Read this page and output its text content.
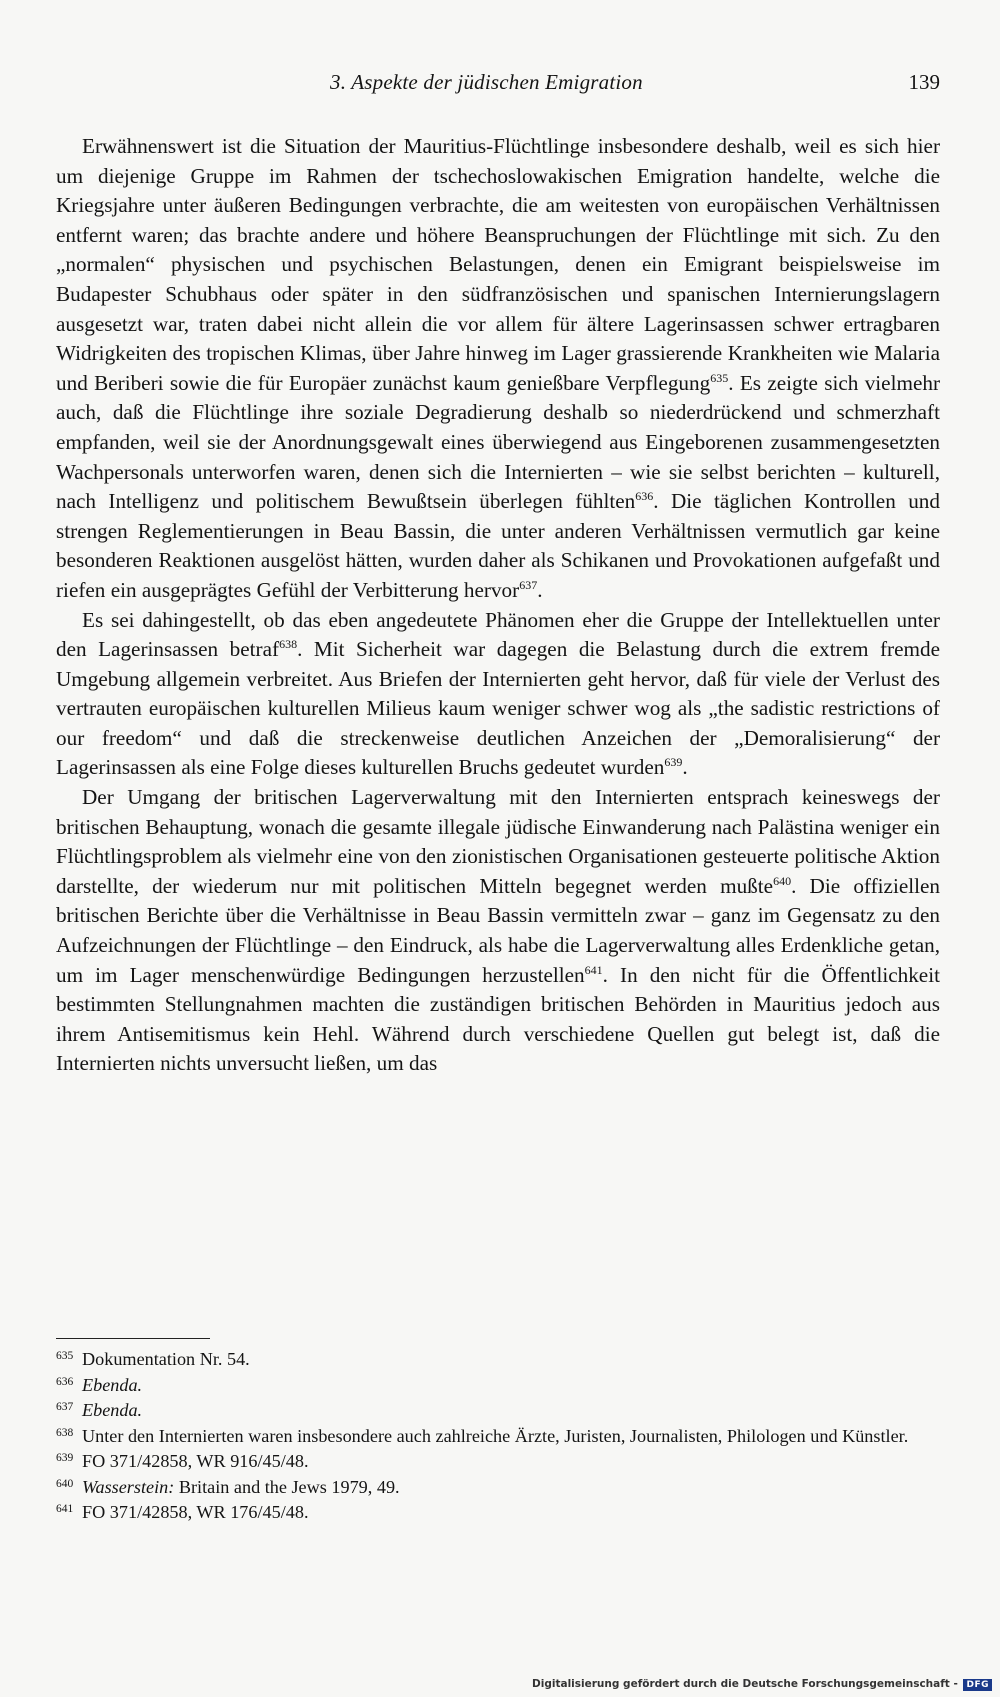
3. Aspekte der jüdischen Emigration	139

Erwähnenswert ist die Situation der Mauritius-Flüchtlinge insbesondere deshalb, weil es sich hier um diejenige Gruppe im Rahmen der tschechoslowakischen Emigration handelte, welche die Kriegsjahre unter äußeren Bedingungen verbrachte, die am weitesten von europäischen Verhältnissen entfernt waren; das brachte andere und höhere Beanspruchungen der Flüchtlinge mit sich. Zu den „normalen“ physischen und psychischen Belastungen, denen ein Emigrant beispielsweise im Budapester Schubhaus oder später in den südfranzösischen und spanischen Internierungslagern ausgesetzt war, traten dabei nicht allein die vor allem für ältere Lagerinsassen schwer ertragbaren Widrigkeiten des tropischen Klimas, über Jahre hinweg im Lager grassierende Krankheiten wie Malaria und Beriberi sowie die für Europäer zunächst kaum genießbare Verpflegung$^{635}$. Es zeigte sich vielmehr auch, daß die Flüchtlinge ihre soziale Degradierung deshalb so niederdrückend und schmerzhaft empfanden, weil sie der Anordnungsgewalt eines überwiegend aus Eingeborenen zusammengesetzten Wachpersonals unterworfen waren, denen sich die Internierten – wie sie selbst berichten – kulturell, nach Intelligenz und politischem Bewußtsein überlegen fühlten$^{636}$. Die täglichen Kontrollen und strengen Reglementierungen in Beau Bassin, die unter anderen Verhältnissen vermutlich gar keine besonderen Reaktionen ausgelöst hätten, wurden daher als Schikanen und Provokationen aufgefaßt und riefen ein ausgeprägtes Gefühl der Verbitterung hervor$^{637}$.

Es sei dahingestellt, ob das eben angedeutete Phänomen eher die Gruppe der Intellektuellen unter den Lagerinsassen betraf$^{638}$. Mit Sicherheit war dagegen die Belastung durch die extrem fremde Umgebung allgemein verbreitet. Aus Briefen der Internierten geht hervor, daß für viele der Verlust des vertrauten europäischen kulturellen Milieus kaum weniger schwer wog als „the sadistic restrictions of our freedom“ und daß die streckenweise deutlichen Anzeichen der „Demoralisierung“ der Lagerinsassen als eine Folge dieses kulturellen Bruchs gedeutet wurden$^{639}$.

Der Umgang der britischen Lagerverwaltung mit den Internierten entsprach keineswegs der britischen Behauptung, wonach die gesamte illegale jüdische Einwanderung nach Palästina weniger ein Flüchtlingsproblem als vielmehr eine von den zionistischen Organisationen gesteuerte politische Aktion darstellte, der wiederum nur mit politischen Mitteln begegnet werden mußte$^{640}$. Die offiziellen britischen Berichte über die Verhältnisse in Beau Bassin vermitteln zwar – ganz im Gegensatz zu den Aufzeichnungen der Flüchtlinge – den Eindruck, als habe die Lagerverwaltung alles Erdenkliche getan, um im Lager menschenwürdige Bedingungen herzustellen$^{641}$. In den nicht für die Öffentlichkeit bestimmten Stellungnahmen machten die zuständigen britischen Behörden in Mauritius jedoch aus ihrem Antisemitismus kein Hehl. Während durch verschiedene Quellen gut belegt ist, daß die Internierten nichts unversucht ließen, um das

635 Dokumentation Nr. 54.
636 Ebenda.
637 Ebenda.
638 Unter den Internierten waren insbesondere auch zahlreiche Ärzte, Juristen, Journalisten, Philologen und Künstler.
639 FO 371/42858, WR 916/45/48.
640 Wasserstein: Britain and the Jews 1979, 49.
641 FO 371/42858, WR 176/45/48.
Digitalisierung gefördert durch die Deutsche Forschungsgemeinschaft - DFG
